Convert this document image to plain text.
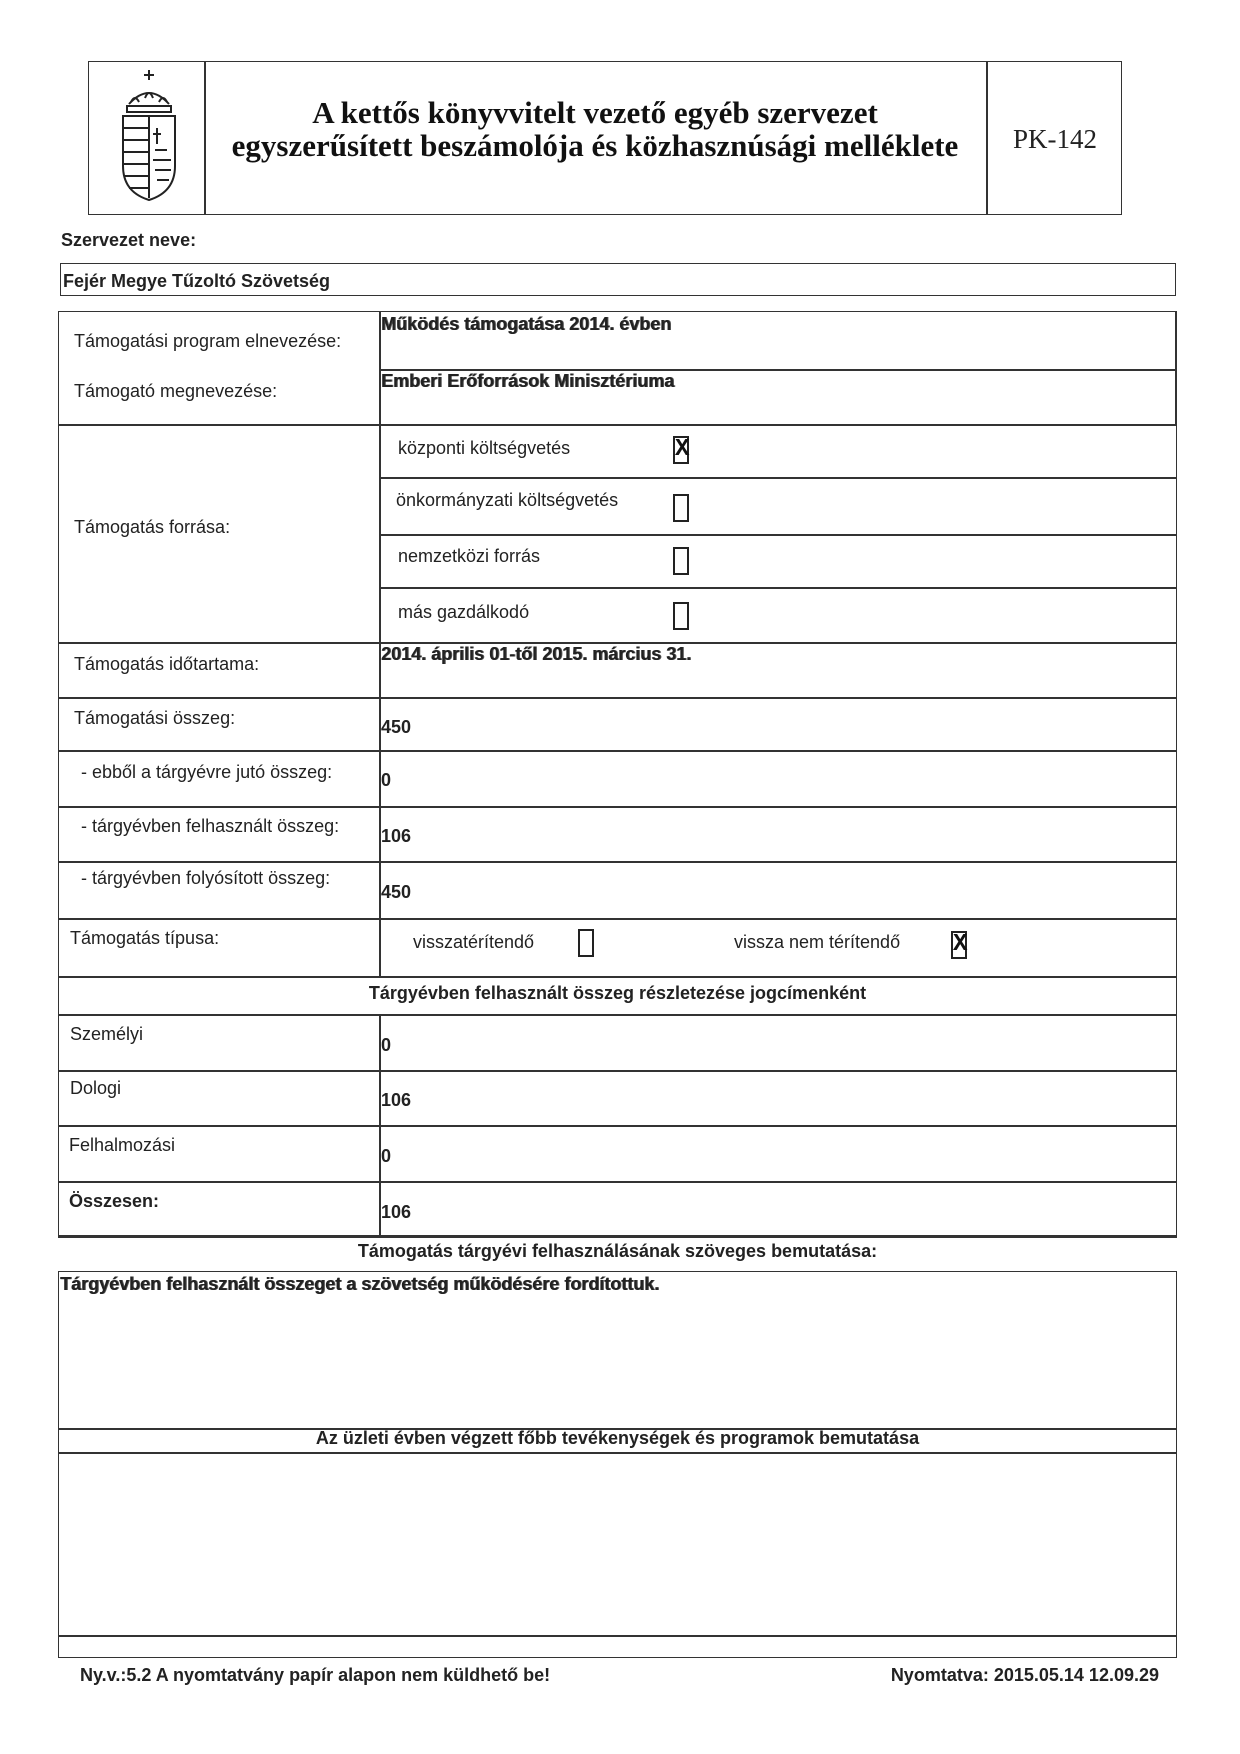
A kettős könyvvitelt vezető egyéb szervezet
egyszerűsített beszámolója és közhasznúsági melléklete	PK-142
Szervezet neve:
Fejér Megye Tűzoltó Szövetség
Támogatási program elnevezése:
Működés támogatása 2014. évben
Támogató megnevezése:	Emberi Erőforrások Minisztériuma
Támogatás forrása:
központi költségvetés	X
önkormányzati költségvetés
nemzetközi forrás
más gazdálkodó
Támogatás időtartama:	2014. április 01-től 2015. március 31.
Támogatási összeg:	450
- ebből a tárgyévre jutó összeg:	0
- tárgyévben felhasznált összeg: 106
- tárgyévben folyósított összeg:
450
Támogatás típusa:	visszatérítendő	vissza nem térítendő X
Tárgyévben felhasznált összeg részletezése jogcímenként
Személyi
0
Dologi
106
Felhalmozási
0
Összesen:
106
Támogatás tárgyévi felhasználásának szöveges bemutatása:
Tárgyévben felhasznált összeget a szövetség működésére fordítottuk.
Az üzleti évben végzett főbb tevékenységek és programok bemutatása
Ny.v.:5.2 A nyomtatvány papír alapon nem küldhető be!	Nyomtatva: 2015.05.14 12.09.29
